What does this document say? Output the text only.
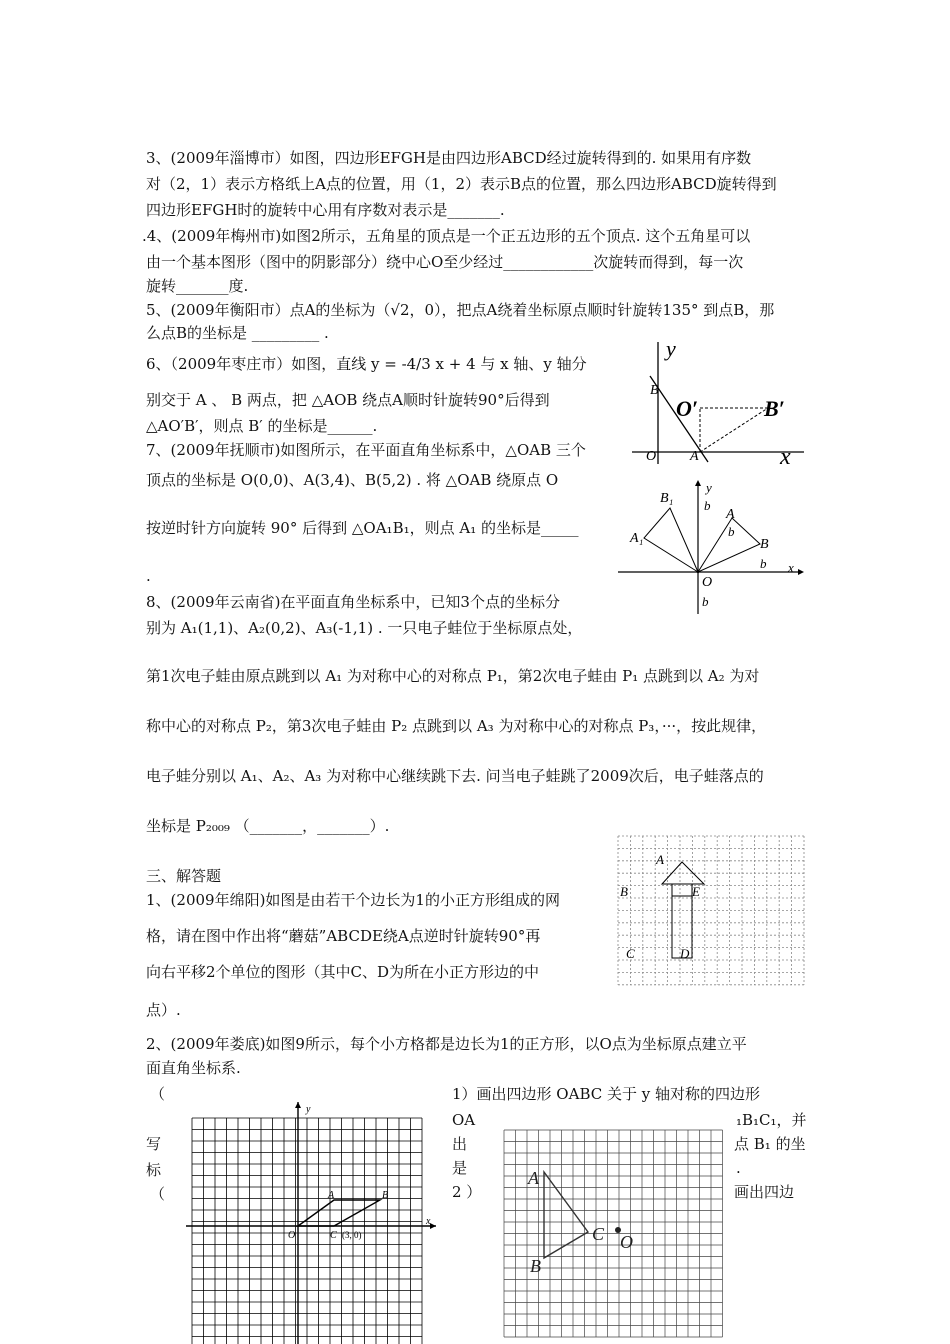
3、(2009年淄博市）如图，四边形EFGH是由四边形ABCD经过旋转得到的. 如果用有序数
对（2，1）表示方格纸上A点的位置，用（1，2）表示B点的位置，那么四边形ABCD旋转得到
四边形EFGH时的旋转中心用有序数对表示是_______.
.4、(2009年梅州市)如图2所示，五角星的顶点是一个正五边形的五个顶点. 这个五角星可以
由一个基本图形（图中的阴影部分）绕中心O至少经过____________次旋转而得到，每一次
旋转_______度.
5、(2009年衡阳市）点A的坐标为（√2，0），把点A绕着坐标原点顺时针旋转135° 到点B，那
么点B的坐标是 _________ .
6、（2009年枣庄市）如图，直线 y = -4/3 x + 4 与 x 轴、y 轴分
别交于 A 、 B 两点，把 △AOB 绕点A顺时针旋转90°后得到
△AO′B′，则点 B′ 的坐标是______.
7、(2009年抚顺市)如图所示，在平面直角坐标系中，△OAB 三个
顶点的坐标是 O(0,0)、A(3,4)、B(5,2) . 将 △OAB 绕原点 O
按逆时针方向旋转 90° 后得到 △OA₁B₁，则点 A₁ 的坐标是_____
.
8、(2009年云南省)在平面直角坐标系中，已知3个点的坐标分
别为 A₁(1,1)、A₂(0,2)、A₃(-1,1) . 一只电子蛙位于坐标原点处，
第1次电子蛙由原点跳到以 A₁ 为对称中心的对称点 P₁，第2次电子蛙由 P₁ 点跳到以 A₂ 为对
称中心的对称点 P₂，第3次电子蛙由 P₂ 点跳到以 A₃ 为对称中心的对称点 P₃，···，按此规律，
电子蛙分别以 A₁、A₂、A₃ 为对称中心继续跳下去. 问当电子蛙跳了2009次后，电子蛙落点的
坐标是 P₂₀₀₉ （_______，_______）.
三、解答题
1、(2009年绵阳)如图是由若干个边长为1的小正方形组成的网
格，请在图中作出将“蘑菇”ABCDE绕A点逆时针旋转90°再
向右平移2个单位的图形（其中C、D为所在小正方形边的中
点）.
2、(2009年娄底)如图9所示，每个小方格都是边长为1的正方形，以O点为坐标原点建立平
面直角坐标系.
（
写
标
（
1）画出四边形 OABC 关于 y 轴对称的四边形
OA	₁B₁C₁，并
出	点 B₁ 的坐
是	.
2 ）	画出四边
y
x
O A
B
O′	B′
y
x
O
A
B
A₁
B₁ b
b
b
b
A
B	E
C	D
y
x
O
A	B
C (3, 0)
A
B
C O
